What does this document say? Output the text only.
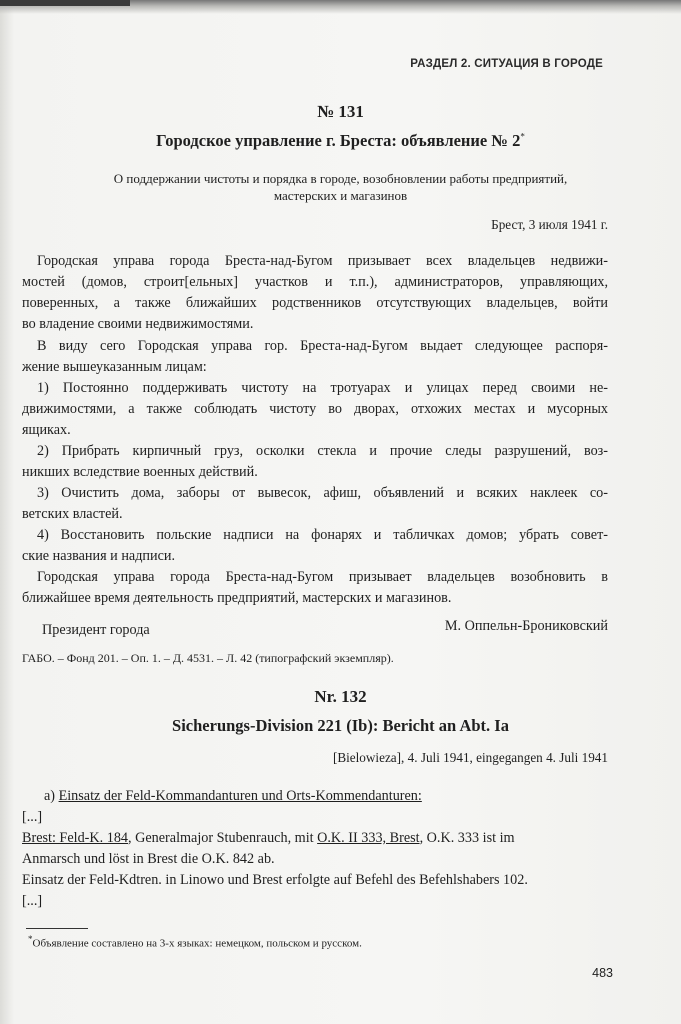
РАЗДЕЛ 2. СИТУАЦИЯ В ГОРОДЕ
№ 131
Городское управление г. Бреста: объявление № 2*
О поддержании чистоты и порядка в городе, возобновлении работы предприятий,
мастерских и магазинов
Брест, 3 июля 1941 г.
Городская управа города Бреста-над-Бугом призывает всех владельцев недвижи-
мостей (домов, строит[ельных] участков и т.п.), администраторов, управляющих,
поверенных, а также ближайших родственников отсутствующих владельцев, войти
во владение своими недвижимостями.
В виду сего Городская управа гор. Бреста-над-Бугом выдает следующее распоря-
жение вышеуказанным лицам:
1) Постоянно поддерживать чистоту на тротуарах и улицах перед своими не-
движимостями, а также соблюдать чистоту во дворах, отхожих местах и мусорных
ящиках.
2) Прибрать кирпичный груз, осколки стекла и прочие следы разрушений, воз-
никших вследствие военных действий.
3) Очистить дома, заборы от вывесок, афиш, объявлений и всяких наклеек со-
ветских властей.
4) Восстановить польские надписи на фонарях и табличках домов; убрать совет-
ские названия и надписи.
Городская управа города Бреста-над-Бугом призывает владельцев возобновить в
ближайшее время деятельность предприятий, мастерских и магазинов.
Президент города	М. Оппельн-Брониковский
ГАБО. – Фонд 201. – Оп. 1. – Д. 4531. – Л. 42 (типографский экземпляр).
Nr. 132
Sicherungs-Division 221 (Ib): Bericht an Abt. Ia
[Bielowieza], 4. Juli 1941, eingegangen 4. Juli 1941
a) Einsatz der Feld-Kommandanturen und Orts-Kommendanturen:
[...]
Brest: Feld-K. 184, Generalmajor Stubenrauch, mit O.K. II 333, Brest, O.K. 333 ist im
Anmarsch und löst in Brest die O.K. 842 ab.
Einsatz der Feld-Kdtren. in Linowo und Brest erfolgte auf Befehl des Befehlshabers 102.
[...]
*Объявление составлено на 3-х языках: немецком, польском и русском.
483
